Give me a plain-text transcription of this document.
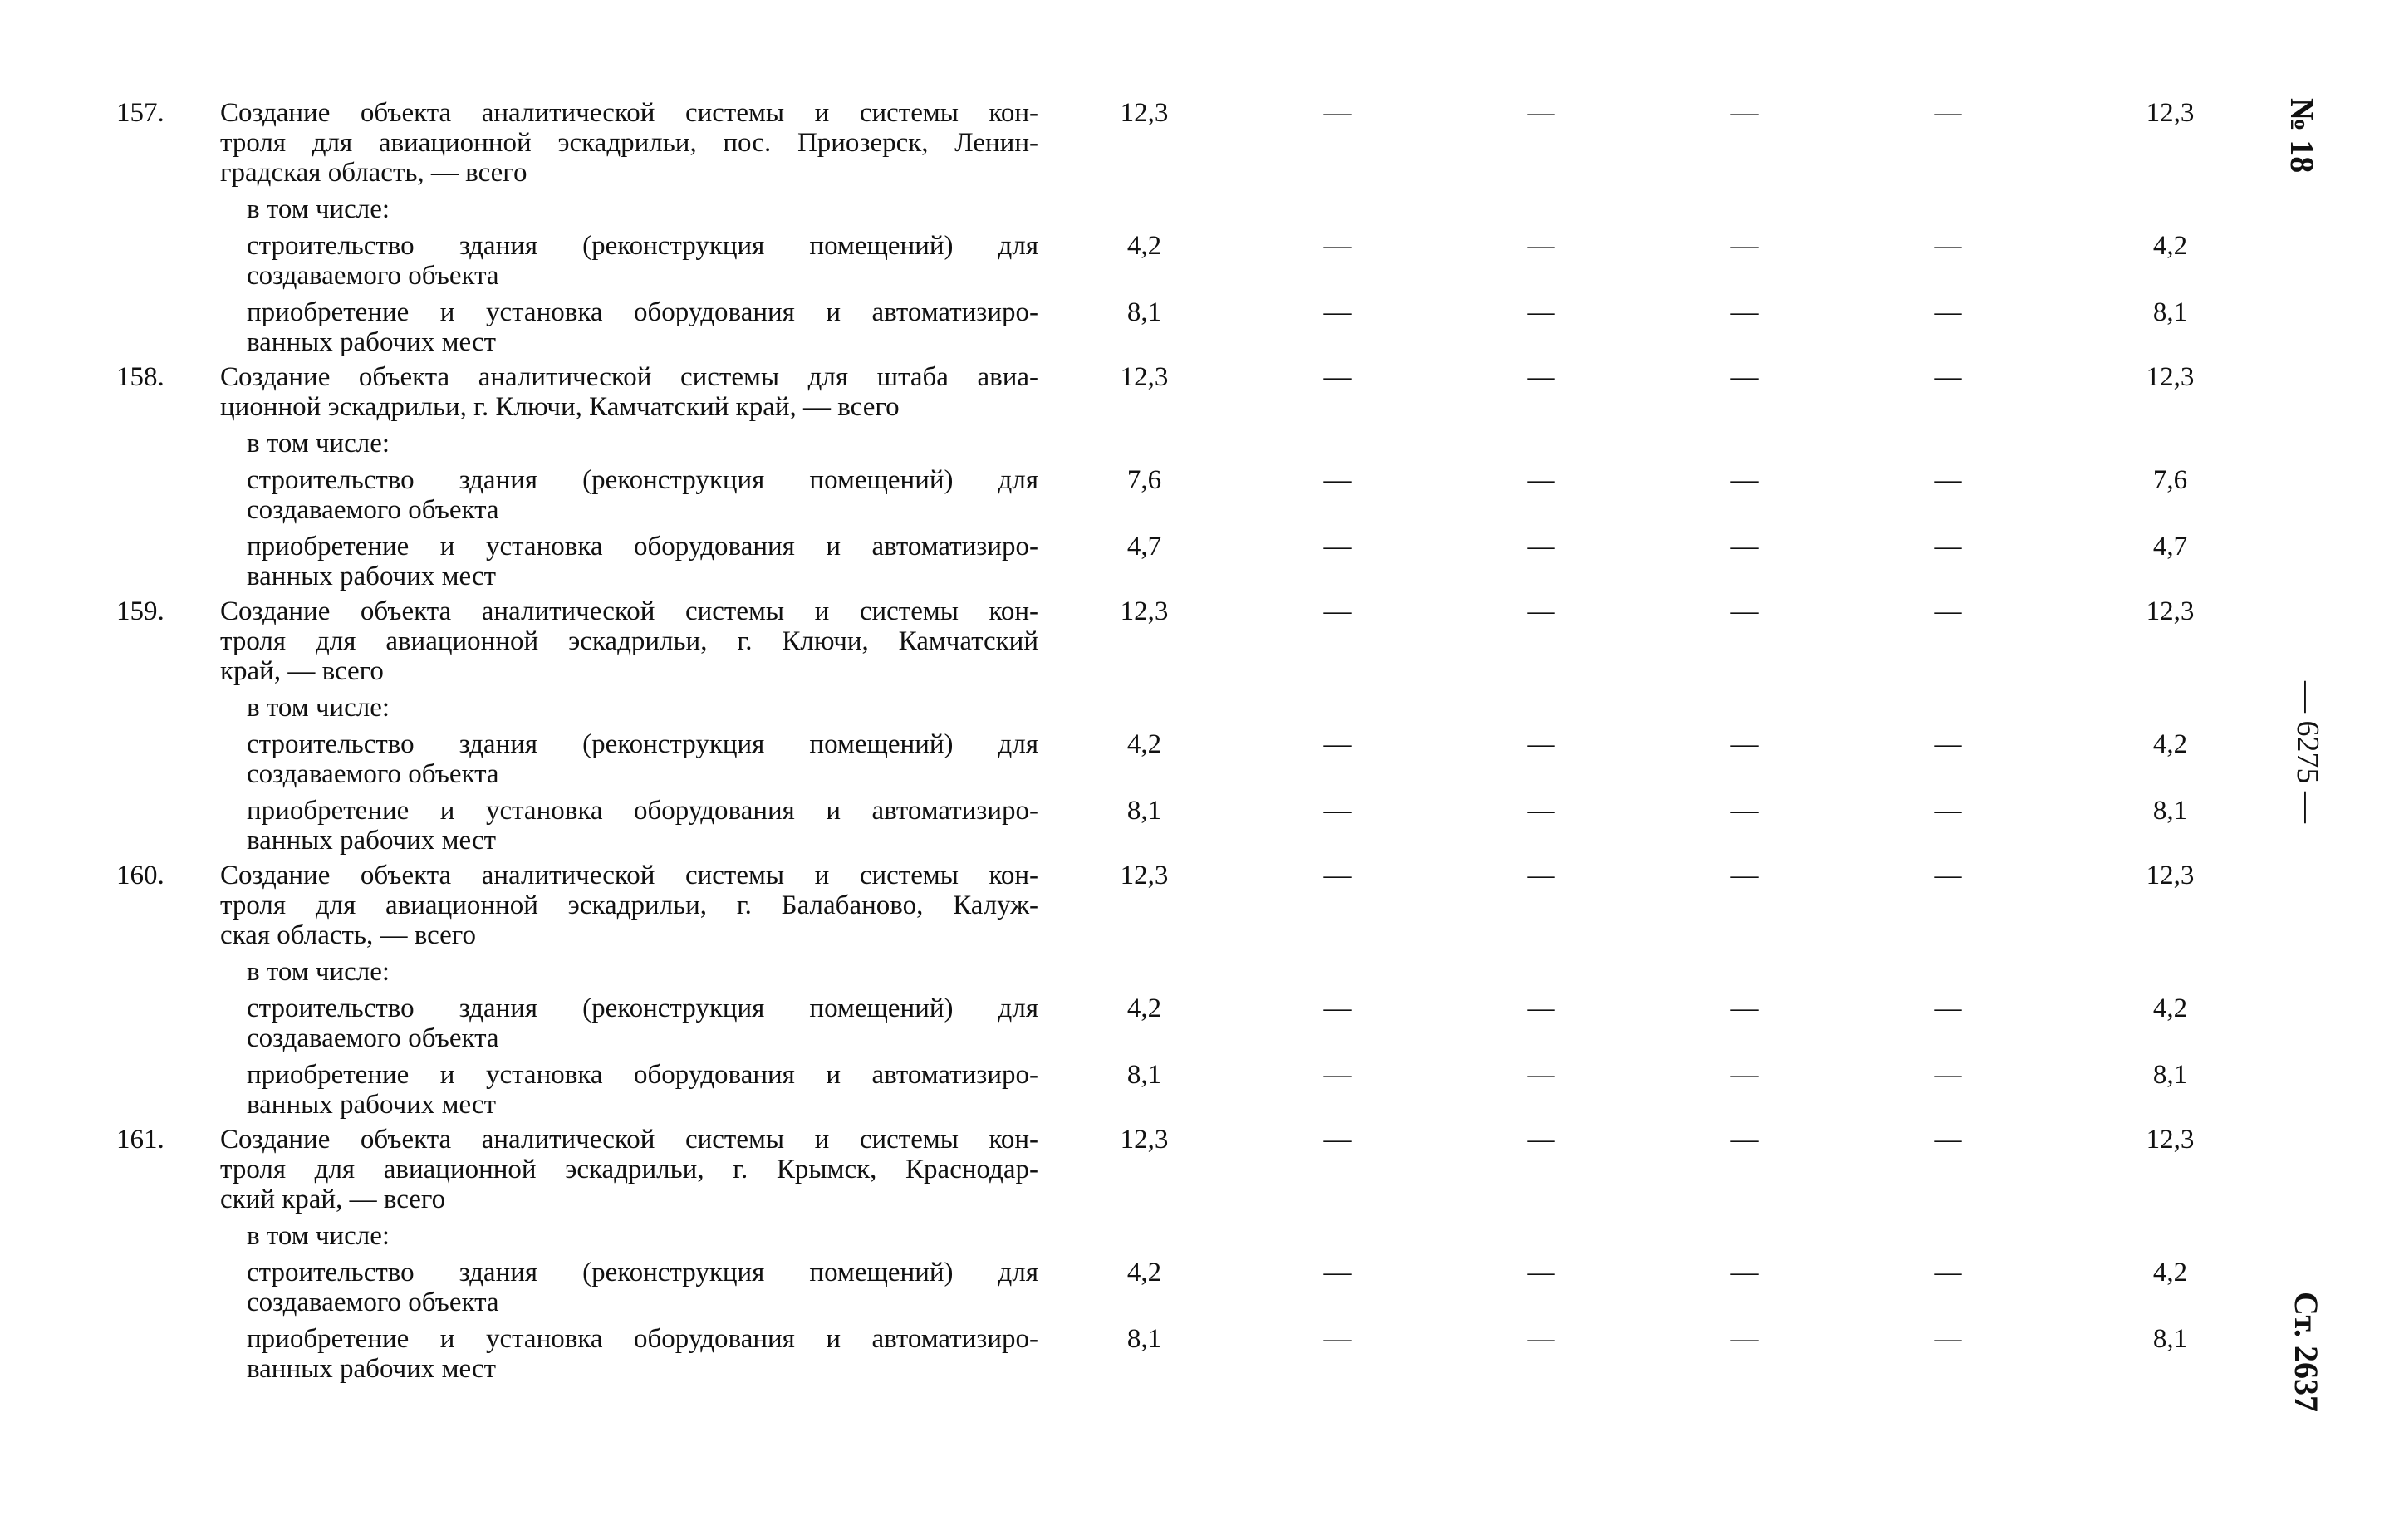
157.	Создание объекта аналитической системы и системы кон-
троля для авиационной эскадрильи, пос. Приозерск, Ленин-
градская область, — всего
12,3	—	—	—	—	12,3
в том числе:
строительство здания (реконструкция помещений) для
создаваемого объекта
4,2	—	—	—	—	4,2
приобретение и установка оборудования и автоматизиро-
ванных рабочих мест
8,1	—	—	—	—	8,1
158.	Создание объекта аналитической системы для штаба авиа-
ционной эскадрильи, г. Ключи, Камчатский край, — всего
12,3	—	—	—	—	12,3
в том числе:
строительство здания (реконструкция помещений) для
создаваемого объекта
7,6	—	—	—	—	7,6
приобретение и установка оборудования и автоматизиро-
ванных рабочих мест
4,7	—	—	—	—	4,7
159.	Создание объекта аналитической системы и системы кон-
троля для авиационной эскадрильи, г. Ключи, Камчатский
край, — всего
12,3	—	—	—	—	12,3
в том числе:
строительство здания (реконструкция помещений) для
создаваемого объекта
4,2	—	—	—	—	4,2
приобретение и установка оборудования и автоматизиро-
ванных рабочих мест
8,1	—	—	—	—	8,1
160.	Создание объекта аналитической системы и системы кон-
троля для авиационной эскадрильи, г. Балабаново, Калуж-
ская область, — всего
12,3	—	—	—	—	12,3
в том числе:
строительство здания (реконструкция помещений) для
создаваемого объекта
4,2	—	—	—	—	4,2
приобретение и установка оборудования и автоматизиро-
ванных рабочих мест
8,1	—	—	—	—	8,1
161.	Создание объекта аналитической системы и системы кон-
троля для авиационной эскадрильи, г. Крымск, Краснодар-
ский край, — всего
12,3	—	—	—	—	12,3
в том числе:
строительство здания (реконструкция помещений) для
создаваемого объекта
4,2	—	—	—	—	4,2
приобретение и установка оборудования и автоматизиро-
ванных рабочих мест
8,1	—	—	—	—	8,1
№ 18
— 6275 —
Ст. 2637
